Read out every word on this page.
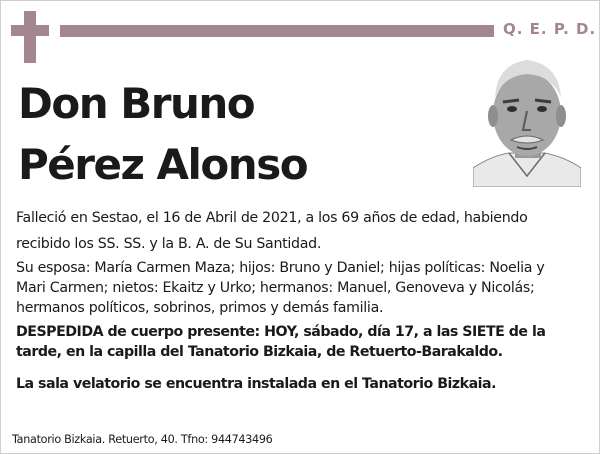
Q. E. P. D.
Don Bruno
Pérez Alonso
Falleció en Sestao, el 16 de Abril de 2021, a los 69 años de edad, habiendo recibido los SS. SS. y la B. A. de Su Santidad.
Su esposa: María Carmen Maza; hijos: Bruno y Daniel; hijas políticas: Noelia y Mari Carmen; nietos: Ekaitz y Urko; hermanos: Manuel, Genoveva y Nicolás; hermanos políticos, sobrinos, primos y demás familia.
DESPEDIDA de cuerpo presente: HOY, sábado, día 17, a las SIETE de la tarde, en la capilla del Tanatorio Bizkaia, de Retuerto-Barakaldo.
La sala velatorio se encuentra instalada en el Tanatorio Bizkaia.
Tanatorio Bizkaia. Retuerto, 40. Tfno: 944743496
